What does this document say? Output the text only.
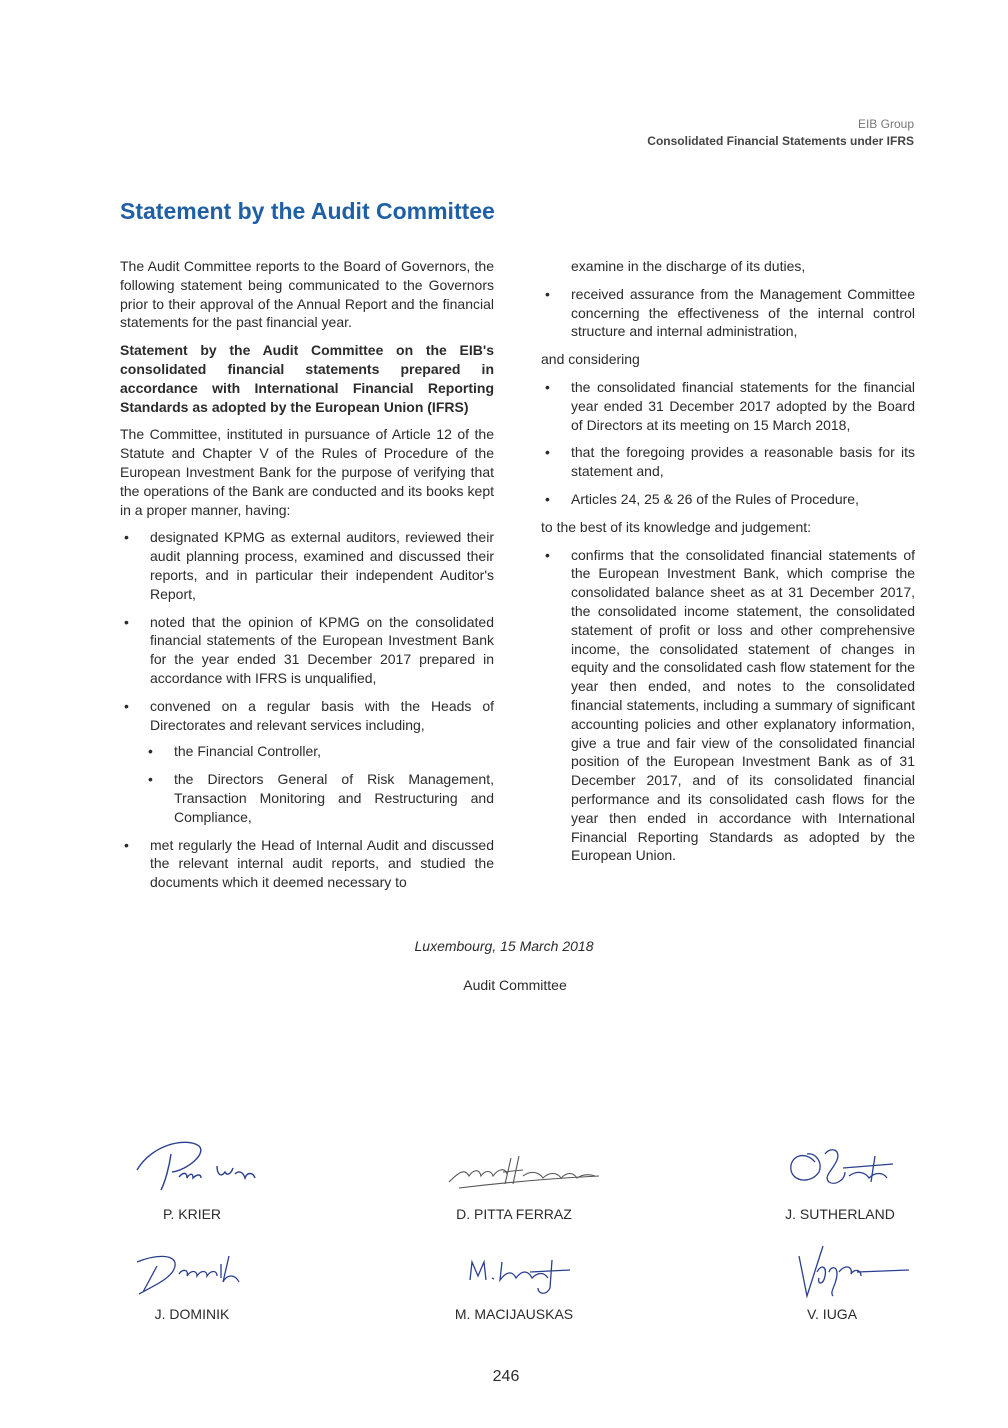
EIB Group
Consolidated Financial Statements under IFRS
Statement by the Audit Committee

The Audit Committee reports to the Board of Governors, the following statement being communicated to the Governors prior to their approval of the Annual Report and the financial statements for the past financial year.

Statement by the Audit Committee on the EIB's consolidated financial statements prepared in accordance with International Financial Reporting Standards as adopted by the European Union (IFRS)

The Committee, instituted in pursuance of Article 12 of the Statute and Chapter V of the Rules of Procedure of the European Investment Bank for the purpose of verifying that the operations of the Bank are conducted and its books kept in a proper manner, having:

• designated KPMG as external auditors, reviewed their audit planning process, examined and discussed their reports, and in particular their independent Auditor's Report,
• noted that the opinion of KPMG on the consolidated financial statements of the European Investment Bank for the year ended 31 December 2017 prepared in accordance with IFRS is unqualified,
• convened on a regular basis with the Heads of Directorates and relevant services including,
• the Financial Controller,
• the Directors General of Risk Management, Transaction Monitoring and Restructuring and Compliance,
• met regularly the Head of Internal Audit and discussed the relevant internal audit reports, and studied the documents which it deemed necessary to
examine in the discharge of its duties,
• received assurance from the Management Committee concerning the effectiveness of the internal control structure and internal administration,

and considering

• the consolidated financial statements for the financial year ended 31 December 2017 adopted by the Board of Directors at its meeting on 15 March 2018,
• that the foregoing provides a reasonable basis for its statement and,
• Articles 24, 25 & 26 of the Rules of Procedure,

to the best of its knowledge and judgement:

• confirms that the consolidated financial statements of the European Investment Bank, which comprise the consolidated balance sheet as at 31 December 2017, the consolidated income statement, the consolidated statement of profit or loss and other comprehensive income, the consolidated statement of changes in equity and the consolidated cash flow statement for the year then ended, and notes to the consolidated financial statements, including a summary of significant accounting policies and other explanatory information, give a true and fair view of the consolidated financial position of the European Investment Bank as of 31 December 2017, and of its consolidated financial performance and its consolidated cash flows for the year then ended in accordance with International Financial Reporting Standards as adopted by the European Union.
Luxembourg, 15 March 2018
Audit Committee
P. KRIER	D. PITTA FERRAZ	J. SUTHERLAND
J. DOMINIK	M. MACIJAUSKAS	V. IUGA
246
